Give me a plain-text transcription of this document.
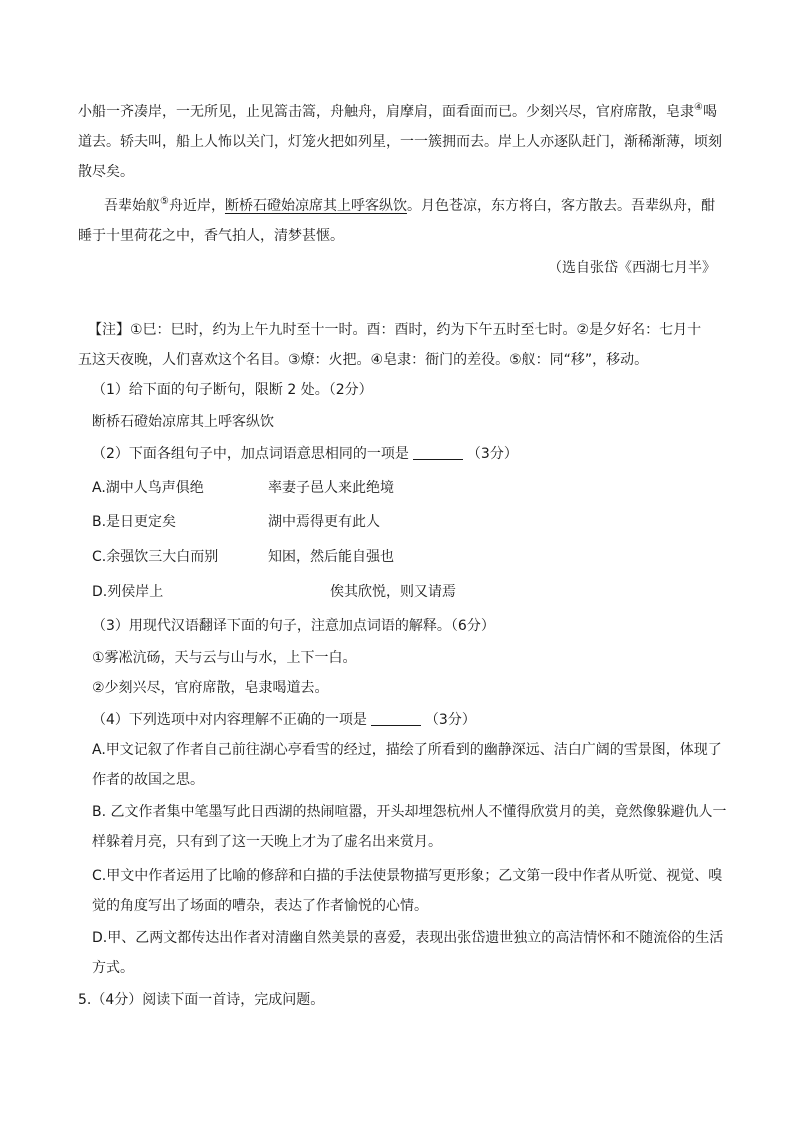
小船一齐凑岸，一无所见，止见篙击篙，舟触舟，肩摩肩，面看面而已。少刻兴尽，官府席散，皂隶④喝
道去。轿夫叫，船上人怖以关门，灯笼火把如列星，一一簇拥而去。岸上人亦逐队赶门，渐稀渐薄，顷刻
散尽矣。
吾辈始舣⑤舟近岸，断桥石磴始凉席其上呼客纵饮。月色苍凉，东方将白，客方散去。吾辈纵舟，酣
睡于十里荷花之中，香气拍人，清梦甚惬。
（选自张岱《西湖七月半》
【注】①巳：巳时，约为上午九时至十一时。酉：酉时，约为下午五时至七时。②是夕好名：七月十
五这天夜晚，人们喜欢这个名目。③燎：火把。④皂隶：衙门的差役。⑤舣：同“移”，移动。
（1）给下面的句子断句，限断 2 处。（2分）
断桥石磴始凉席其上呼客纵饮
（2）下面各组句子中，加点词语意思相同的一项是	（3分）
A.湖中人鸟声俱绝	率妻子邑人来此绝境
B.是日更定矣	湖中焉得更有此人
C.余强饮三大白而别	知困，然后能自强也
D.列侯岸上	俟其欣悦，则又请焉
（3）用现代汉语翻译下面的句子，注意加点词语的解释。（6分）
①雾凇沆砀，天与云与山与水，上下一白。
②少刻兴尽，官府席散，皂隶喝道去。
（4）下列选项中对内容理解不正确的一项是	（3分）
A.甲文记叙了作者自己前往湖心亭看雪的经过，描绘了所看到的幽静深远、洁白广阔的雪景图，体现了
作者的故国之思。
B. 乙文作者集中笔墨写此日西湖的热闹喧嚣，开头却埋怨杭州人不懂得欣赏月的美，竟然像躲避仇人一
样躲着月亮，只有到了这一天晚上才为了虚名出来赏月。
C.甲文中作者运用了比喻的修辞和白描的手法使景物描写更形象；乙文第一段中作者从听觉、视觉、嗅
觉的角度写出了场面的嘈杂，表达了作者愉悦的心情。
D.甲、乙两文都传达出作者对清幽自然美景的喜爱，表现出张岱遗世独立的高洁情怀和不随流俗的生活
方式。
5.（4分）阅读下面一首诗，完成问题。
